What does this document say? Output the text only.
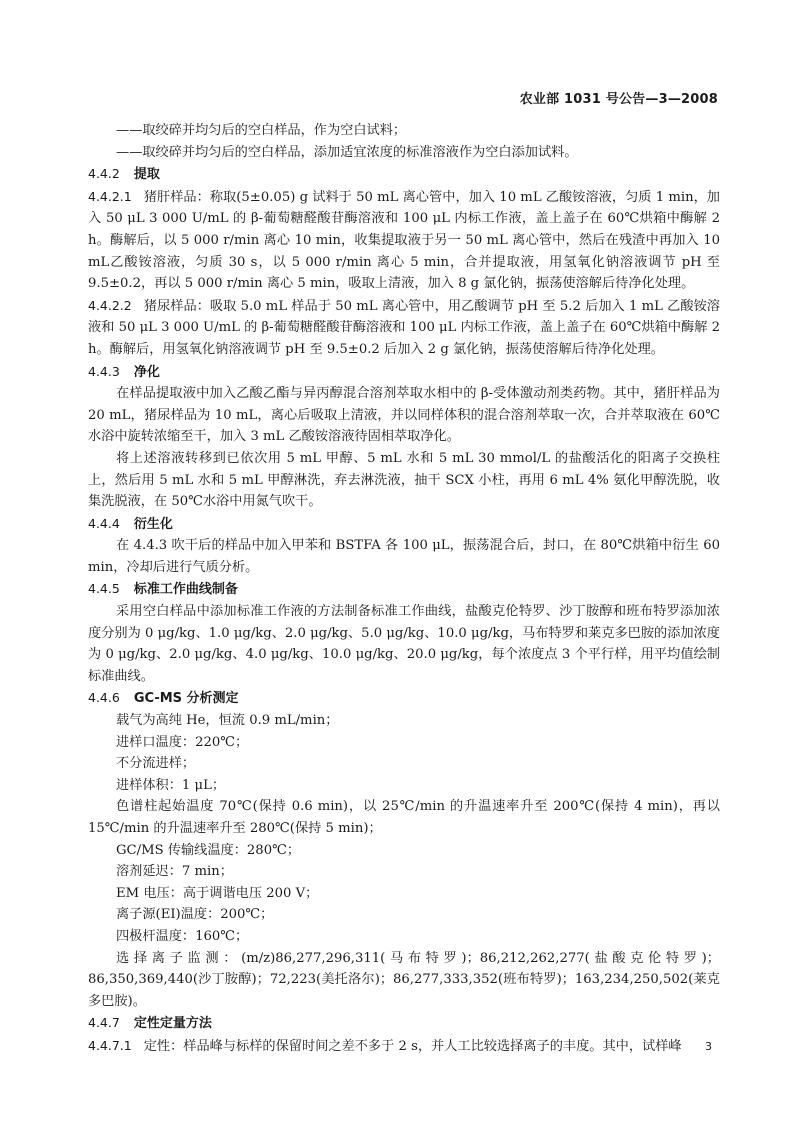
农业部 1031 号公告—3—2008

——取绞碎并均匀后的空白样品，作为空白试料；

——取绞碎并均匀后的空白样品，添加适宜浓度的标准溶液作为空白添加试料。

4.4.2 提取

4.4.2.1 猪肝样品：称取(5±0.05) g 试料于 50 mL 离心管中，加入 10 mL 乙酸铵溶液，匀质 1 min，加入 50 μL 3 000 U/mL 的 β-葡萄糖醛酸苷酶溶液和 100 μL 内标工作液，盖上盖子在 60℃烘箱中酶解 2 h。酶解后，以 5 000 r/min 离心 10 min，收集提取液于另一 50 mL 离心管中，然后在残渣中再加入 10 mL乙酸铵溶液，匀质 30 s，以 5 000 r/min 离心 5 min，合并提取液，用氢氧化钠溶液调节 pH 至 9.5±0.2，再以 5 000 r/min 离心 5 min，吸取上清液，加入 8 g 氯化钠，振荡使溶解后待净化处理。

4.4.2.2 猪尿样品：吸取 5.0 mL 样品于 50 mL 离心管中，用乙酸调节 pH 至 5.2 后加入 1 mL 乙酸铵溶液和 50 μL 3 000 U/mL 的 β-葡萄糖醛酸苷酶溶液和 100 μL 内标工作液，盖上盖子在 60℃烘箱中酶解 2 h。酶解后，用氢氧化钠溶液调节 pH 至 9.5±0.2 后加入 2 g 氯化钠，振荡使溶解后待净化处理。

4.4.3 净化

在样品提取液中加入乙酸乙酯与异丙醇混合溶剂萃取水相中的 β-受体激动剂类药物。其中，猪肝样品为 20 mL，猪尿样品为 10 mL，离心后吸取上清液，并以同样体积的混合溶剂萃取一次，合并萃取液在 60℃水浴中旋转浓缩至干，加入 3 mL 乙酸铵溶液待固相萃取净化。

将上述溶液转移到已依次用 5 mL 甲醇、5 mL 水和 5 mL 30 mmol/L 的盐酸活化的阳离子交换柱上，然后用 5 mL 水和 5 mL 甲醇淋洗，弃去淋洗液，抽干 SCX 小柱，再用 6 mL 4% 氨化甲醇洗脱，收集洗脱液，在 50℃水浴中用氮气吹干。

4.4.4 衍生化

在 4.4.3 吹干后的样品中加入甲苯和 BSTFA 各 100 μL，振荡混合后，封口，在 80℃烘箱中衍生 60 min，冷却后进行气质分析。

4.4.5 标准工作曲线制备

采用空白样品中添加标准工作液的方法制备标准工作曲线，盐酸克伦特罗、沙丁胺醇和班布特罗添加浓度分别为 0 μg/kg、1.0 μg/kg、2.0 μg/kg、5.0 μg/kg、10.0 μg/kg，马布特罗和莱克多巴胺的添加浓度为 0 μg/kg、2.0 μg/kg、4.0 μg/kg、10.0 μg/kg、20.0 μg/kg，每个浓度点 3 个平行样，用平均值绘制标准曲线。

4.4.6 GC-MS 分析测定

载气为高纯 He，恒流 0.9 mL/min；

进样口温度：220℃；

不分流进样；

进样体积：1 μL；

色谱柱起始温度 70℃(保持 0.6 min)，以 25℃/min 的升温速率升至 200℃(保持 4 min)，再以 15℃/min 的升温速率升至 280℃(保持 5 min)；

GC/MS 传输线温度：280℃；

溶剂延迟：7 min；

EM 电压：高于调谐电压 200 V；

离子源(EI)温度：200℃；

四极杆温度：160℃；

选择离子监测：(m/z)86,277,296,311(马布特罗)；86,212,262,277(盐酸克伦特罗)；86,350,369,440(沙丁胺醇)；72,223(美托洛尔)；86,277,333,352(班布特罗)；163,234,250,502(莱克多巴胺)。

4.4.7 定性定量方法

4.4.7.1 定性：样品峰与标样的保留时间之差不多于 2 s，并人工比较选择离子的丰度。其中，试样峰	3
